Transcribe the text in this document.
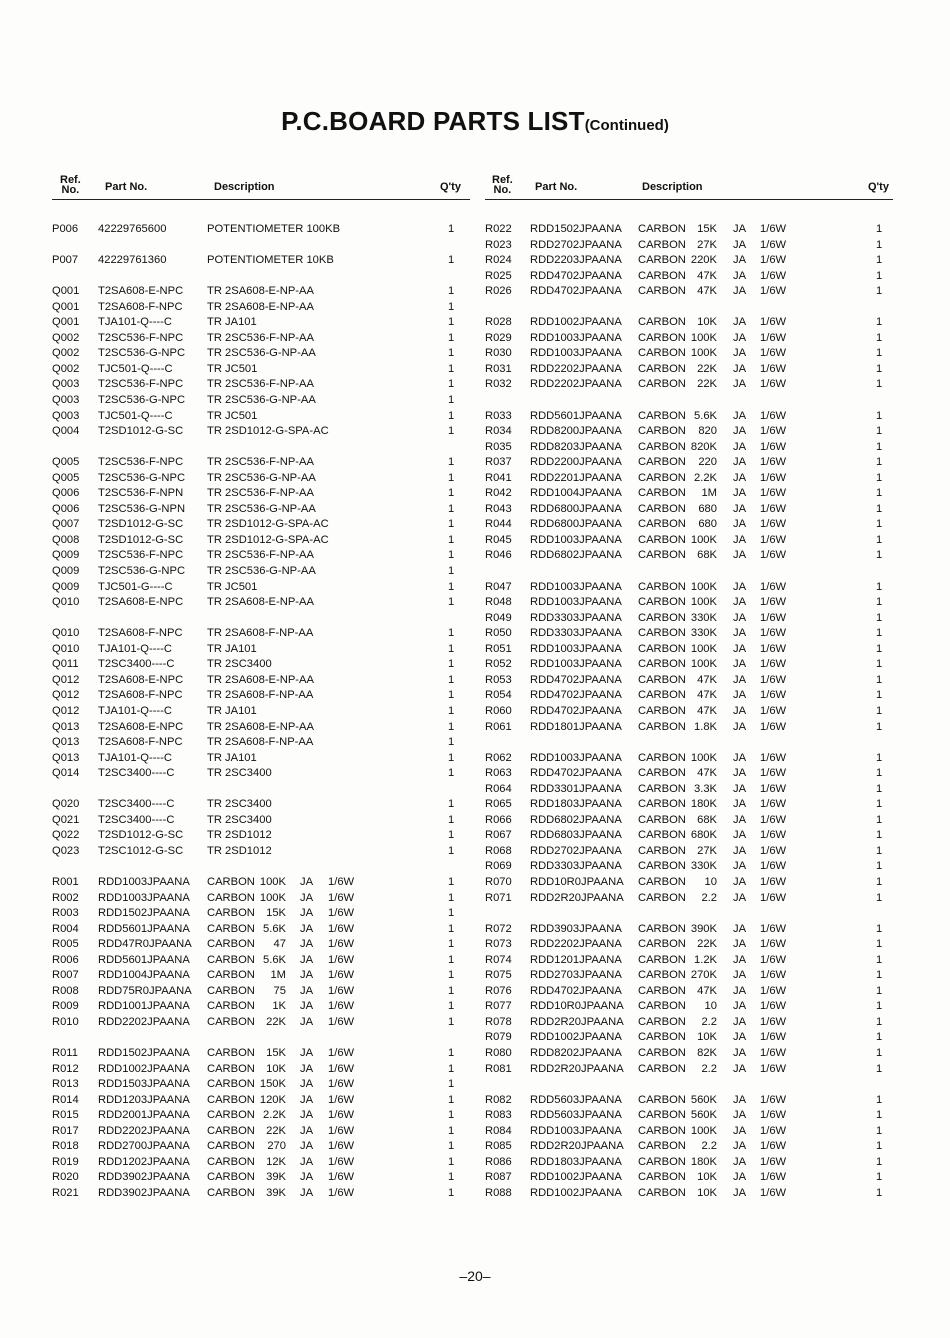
P.C.BOARD PARTS LIST(Continued)
Ref.
No. Part No.	Description	Q'ty
P006 42229765600	POTENTIOMETER 100KB	1
P007 42229761360	POTENTIOMETER 10KB	1
Q001 T2SA608-E-NPC TR 2SA608-E-NP-AA	1
Q001 T2SA608-F-NPC TR 2SA608-E-NP-AA	1
Q001 TJA101-Q----C	TR JA101	1
Q002 T2SC536-F-NPC TR 2SC536-F-NP-AA	1
Q002 T2SC536-G-NPC TR 2SC536-G-NP-AA	1
Q002 TJC501-Q----C	TR JC501	1
Q003 T2SC536-F-NPC TR 2SC536-F-NP-AA	1
Q003 T2SC536-G-NPC TR 2SC536-G-NP-AA	1
Q003 TJC501-Q----C	TR JC501	1
Q004 T2SD1012-G-SC TR 2SD1012-G-SPA-AC	1
Q005 T2SC536-F-NPC TR 2SC536-F-NP-AA	1
Q005 T2SC536-G-NPC TR 2SC536-G-NP-AA	1
Q006 T2SC536-F-NPN TR 2SC536-F-NP-AA	1
Q006 T2SC536-G-NPN TR 2SC536-G-NP-AA	1
Q007 T2SD1012-G-SC TR 2SD1012-G-SPA-AC	1
Q008 T2SD1012-G-SC TR 2SD1012-G-SPA-AC	1
Q009 T2SC536-F-NPC TR 2SC536-F-NP-AA	1
Q009 T2SC536-G-NPC TR 2SC536-G-NP-AA	1
Q009 TJC501-G----C	TR JC501	1
Q010 T2SA608-E-NPC TR 2SA608-E-NP-AA	1
Q010 T2SA608-F-NPC TR 2SA608-F-NP-AA	1
Q010 TJA101-Q----C	TR JA101	1
Q011 T2SC3400----C	TR 2SC3400	1
Q012 T2SA608-E-NPC TR 2SA608-E-NP-AA	1
Q012 T2SA608-F-NPC TR 2SA608-F-NP-AA	1
Q012 TJA101-Q----C	TR JA101	1
Q013 T2SA608-E-NPC TR 2SA608-E-NP-AA	1
Q013 T2SA608-F-NPC TR 2SA608-F-NP-AA	1
Q013 TJA101-Q----C	TR JA101	1
Q014 T2SC3400----C	TR 2SC3400	1
Q020 T2SC3400----C	TR 2SC3400	1
Q021 T2SC3400----C	TR 2SC3400	1
Q022 T2SD1012-G-SC TR 2SD1012	1
Q023 T2SC1012-G-SC TR 2SD1012	1
R001 RDD1003JPAANA CARBON 100K JA 1/6W	1
R002 RDD1003JPAANA CARBON 100K JA 1/6W	1
R003 RDD1502JPAANA CARBON	15K JA 1/6W	1
R004 RDD5601JPAANA CARBON 5.6K JA 1/6W	1
R005 RDD47R0JPAANA CARBON	47 JA 1/6W	1
R006 RDD5601JPAANA CARBON 5.6K JA 1/6W	1
R007 RDD1004JPAANA CARBON	1M JA 1/6W	1
R008 RDD75R0JPAANA CARBON	75 JA 1/6W	1
R009 RDD1001JPAANA CARBON	1K JA 1/6W	1
R010 RDD2202JPAANA CARBON	22K JA 1/6W	1
R011 RDD1502JPAANA CARBON	15K JA 1/6W	1
R012 RDD1002JPAANA CARBON	10K JA 1/6W	1
R013 RDD1503JPAANA CARBON 150K JA 1/6W	1
R014 RDD1203JPAANA CARBON 120K JA 1/6W	1
R015 RDD2001JPAANA CARBON 2.2K JA 1/6W	1
R017 RDD2202JPAANA CARBON	22K JA 1/6W	1
R018 RDD2700JPAANA CARBON	270 JA 1/6W	1
R019 RDD1202JPAANA CARBON	12K JA 1/6W	1
R020 RDD3902JPAANA CARBON	39K JA 1/6W	1
R021 RDD3902JPAANA CARBON	39K JA 1/6W	1
Ref.
No. Part No.	Description	Q'ty
R022 RDD1502JPAANA CARBON	15K JA 1/6W	1
R023 RDD2702JPAANA CARBON	27K JA 1/6W	1
R024 RDD2203JPAANA CARBON 220K JA 1/6W	1
R025 RDD4702JPAANA CARBON	47K JA 1/6W	1
R026 RDD4702JPAANA CARBON	47K JA 1/6W	1
R028 RDD1002JPAANA CARBON	10K JA 1/6W	1
R029 RDD1003JPAANA CARBON 100K JA 1/6W	1
R030 RDD1003JPAANA CARBON 100K JA 1/6W	1
R031 RDD2202JPAANA CARBON	22K JA 1/6W	1
R032 RDD2202JPAANA CARBON	22K JA 1/6W	1
R033 RDD5601JPAANA CARBON 5.6K JA 1/6W	1
R034 RDD8200JPAANA CARBON	820 JA 1/6W	1
R035 RDD8203JPAANA CARBON 820K JA 1/6W	1
R037 RDD2200JPAANA CARBON	220 JA 1/6W	1
R041 RDD2201JPAANA CARBON 2.2K JA 1/6W	1
R042 RDD1004JPAANA CARBON	1M JA 1/6W	1
R043 RDD6800JPAANA CARBON	680 JA 1/6W	1
R044 RDD6800JPAANA CARBON	680 JA 1/6W	1
R045 RDD1003JPAANA CARBON 100K JA 1/6W	1
R046 RDD6802JPAANA CARBON	68K JA 1/6W	1
R047 RDD1003JPAANA CARBON 100K JA 1/6W	1
R048 RDD1003JPAANA CARBON 100K JA 1/6W	1
R049 RDD3303JPAANA CARBON 330K JA 1/6W	1
R050 RDD3303JPAANA CARBON 330K JA 1/6W	1
R051 RDD1003JPAANA CARBON 100K JA 1/6W	1
R052 RDD1003JPAANA CARBON 100K JA 1/6W	1
R053 RDD4702JPAANA CARBON	47K JA 1/6W	1
R054 RDD4702JPAANA CARBON	47K JA 1/6W	1
R060 RDD4702JPAANA CARBON	47K JA 1/6W	1
R061 RDD1801JPAANA CARBON 1.8K JA 1/6W	1
R062 RDD1003JPAANA CARBON 100K JA 1/6W	1
R063 RDD4702JPAANA CARBON	47K JA 1/6W	1
R064 RDD3301JPAANA CARBON 3.3K JA 1/6W	1
R065 RDD1803JPAANA CARBON 180K JA 1/6W	1
R066 RDD6802JPAANA CARBON	68K JA 1/6W	1
R067 RDD6803JPAANA CARBON 680K JA 1/6W	1
R068 RDD2702JPAANA CARBON	27K JA 1/6W	1
R069 RDD3303JPAANA CARBON 330K JA 1/6W	1
R070 RDD10R0JPAANA CARBON	10 JA 1/6W	1
R071 RDD2R20JPAANA CARBON	2.2 JA 1/6W	1
R072 RDD3903JPAANA CARBON 390K JA 1/6W	1
R073 RDD2202JPAANA CARBON	22K JA 1/6W	1
R074 RDD1201JPAANA CARBON 1.2K JA 1/6W	1
R075 RDD2703JPAANA CARBON 270K JA 1/6W	1
R076 RDD4702JPAANA CARBON	47K JA 1/6W	1
R077 RDD10R0JPAANA CARBON	10 JA 1/6W	1
R078 RDD2R20JPAANA CARBON	2.2 JA 1/6W	1
R079 RDD1002JPAANA CARBON	10K JA 1/6W	1
R080 RDD8202JPAANA CARBON	82K JA 1/6W	1
R081 RDD2R20JPAANA CARBON	2.2 JA 1/6W	1
R082 RDD5603JPAANA CARBON 560K JA 1/6W	1
R083 RDD5603JPAANA CARBON 560K JA 1/6W	1
R084 RDD1003JPAANA CARBON 100K JA 1/6W	1
R085 RDD2R20JPAANA CARBON	2.2 JA 1/6W	1
R086 RDD1803JPAANA CARBON 180K JA 1/6W	1
R087 RDD1002JPAANA CARBON	10K JA 1/6W	1
R088 RDD1002JPAANA CARBON	10K JA 1/6W	1
–20–
